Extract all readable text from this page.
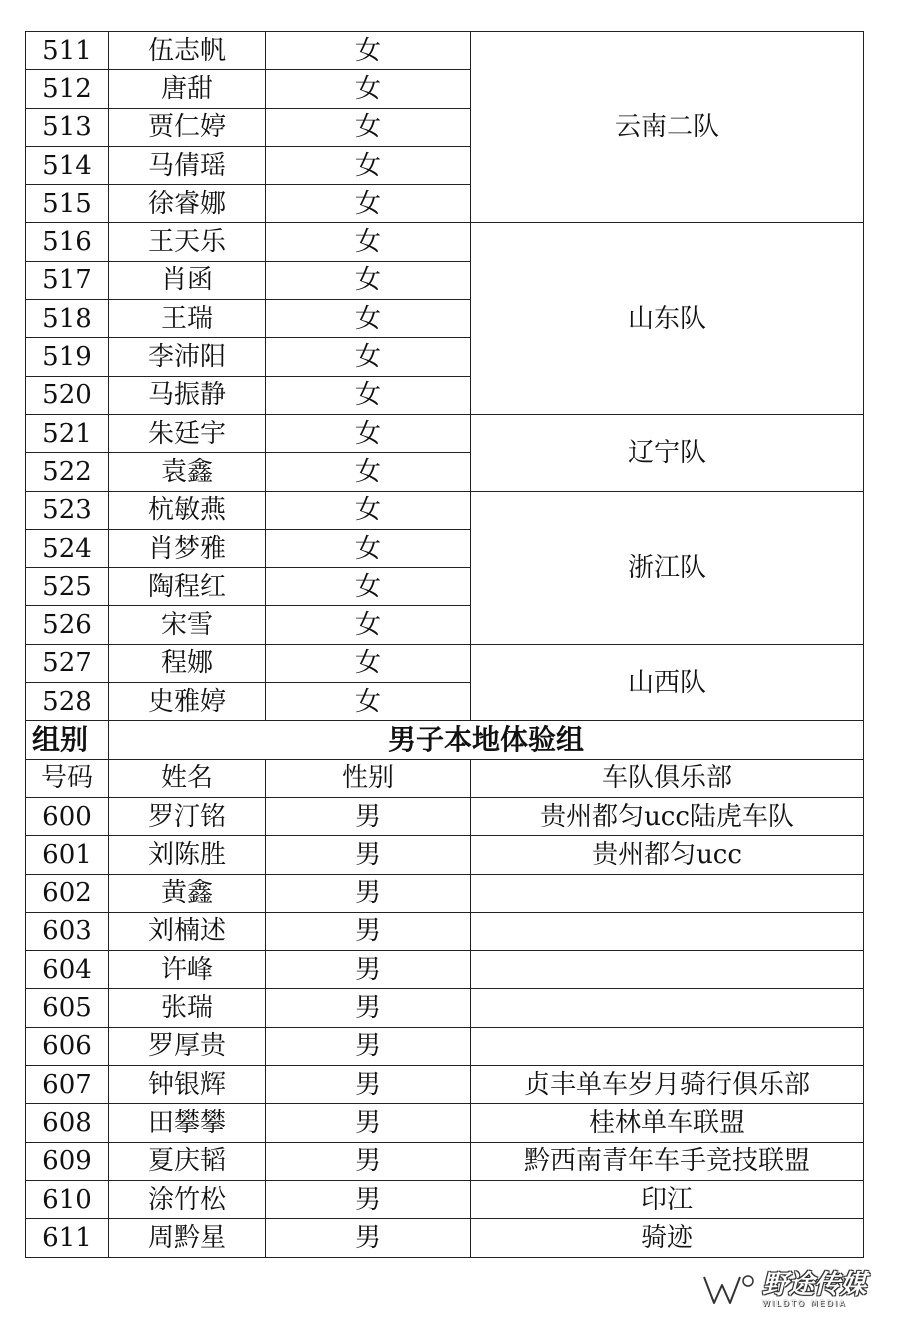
511	伍志帆	女	云南二队
512	唐甜	女	
513	贾仁婷	女	
514	马倩瑶	女	
515	徐睿娜	女	
516	王天乐	女	山东队
517	肖函	女	
518	王瑞	女	
519	李沛阳	女	
520	马振静	女	
521	朱廷宇	女	辽宁队
522	袁鑫	女	
523	杭敏燕	女	浙江队
524	肖梦雅	女	
525	陶程红	女	
526	宋雪	女	
527	程娜	女	山西队
528	史雅婷	女	
组别	男子本地体验组		
号码	姓名	性别	车队俱乐部
600	罗汀铭	男	贵州都匀ucc陆虎车队
601	刘陈胜	男	贵州都匀ucc
602	黄鑫	男	
603	刘楠述	男	
604	许峰	男	
605	张瑞	男	
606	罗厚贵	男	
607	钟银辉	男	贞丰单车岁月骑行俱乐部
608	田攀攀	男	桂林单车联盟
609	夏庆韬	男	黔西南青年车手竞技联盟
610	涂竹松	男	印江
611	周黔星	男	骑迹
野途传媒
WILDTO MEDIA
